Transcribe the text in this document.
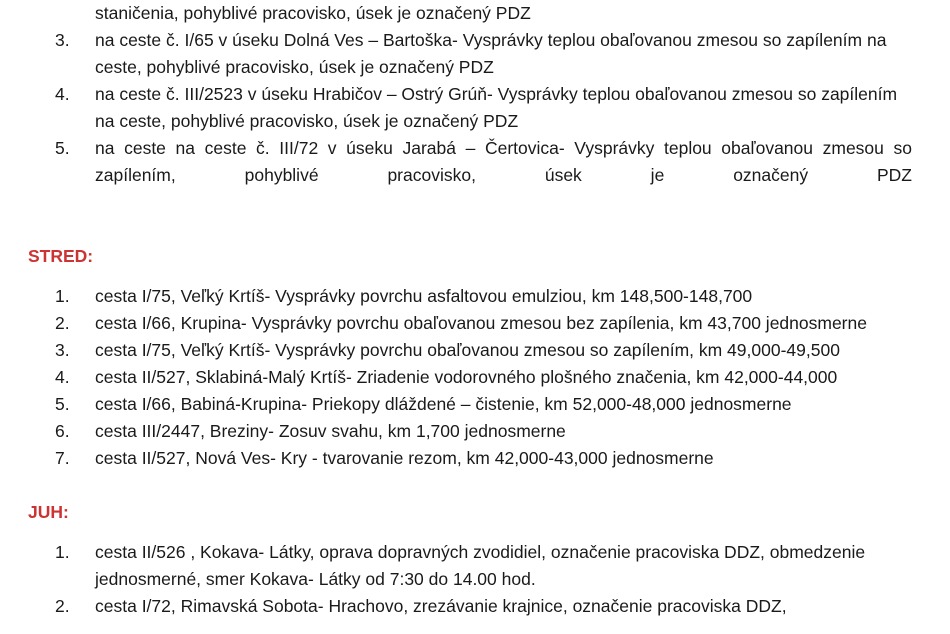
staničenia, pohyblivé pracovisko, úsek je označený PDZ
3.	na ceste č. I/65 v úseku Dolná Ves – Bartoška- Vysprávky teplou obaľovanou zmesou so zapílením na ceste, pohyblivé pracovisko, úsek je označený PDZ
4.	na ceste č. III/2523 v úseku Hrabičov – Ostrý Grúň- Vysprávky teplou obaľovanou zmesou so zapílením na ceste, pohyblivé pracovisko, úsek je označený PDZ
5.	na ceste na ceste č. III/72 v úseku Jarabá – Čertovica- Vysprávky teplou obaľovanou zmesou so zapílením, pohyblivé pracovisko, úsek je označený PDZ
STRED:
1.	cesta I/75, Veľký Krtíš- Vysprávky povrchu asfaltovou emulziou, km 148,500-148,700
2.	cesta I/66, Krupina- Vysprávky povrchu obaľovanou zmesou bez zapílenia, km 43,700 jednosmerne
3.	cesta I/75, Veľký Krtíš- Vysprávky povrchu obaľovanou zmesou so zapílením, km 49,000-49,500
4.	cesta II/527, Sklabiná-Malý Krtíš- Zriadenie vodorovného plošného značenia, km 42,000-44,000
5.	cesta I/66, Babiná-Krupina- Priekopy dláždené – čistenie, km 52,000-48,000 jednosmerne
6.	cesta III/2447, Breziny- Zosuv svahu, km 1,700 jednosmerne
7.	cesta II/527, Nová Ves- Kry - tvarovanie rezom, km 42,000-43,000 jednosmerne
JUH:
1.	cesta II/526 , Kokava- Látky, oprava dopravných zvodidiel, označenie pracoviska DDZ, obmedzenie jednosmerné, smer Kokava- Látky od 7:30 do 14.00 hod.
2.	cesta I/72, Rimavská Sobota- Hrachovo, zrezávanie krajnice, označenie pracoviska DDZ,
